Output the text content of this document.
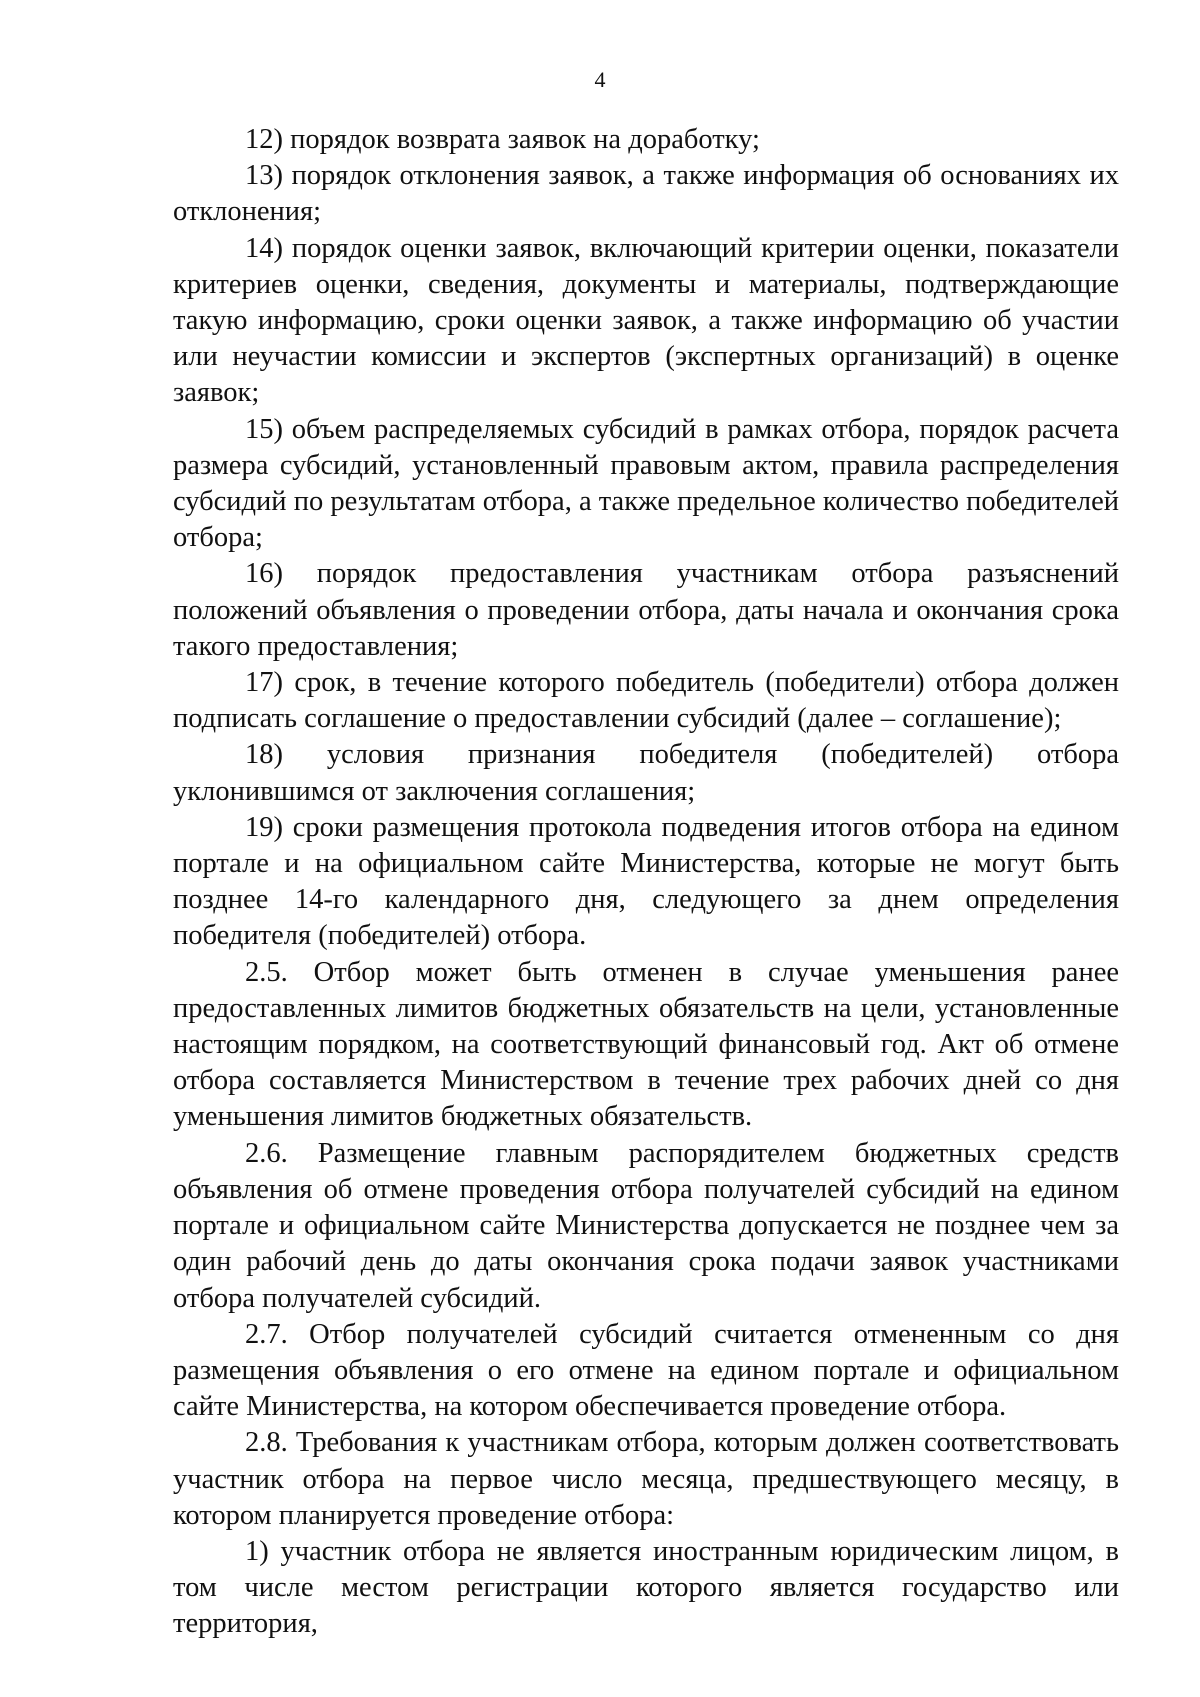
4

12) порядок возврата заявок на доработку;

13) порядок отклонения заявок, а также информация об основаниях их отклонения;

14) порядок оценки заявок, включающий критерии оценки, показатели критериев оценки, сведения, документы и материалы, подтверждающие такую информацию, сроки оценки заявок, а также информацию об участии или неучастии комиссии и экспертов (экспертных организаций) в оценке заявок;

15) объем распределяемых субсидий в рамках отбора, порядок расчета размера субсидий, установленный правовым актом, правила распределения субсидий по результатам отбора, а также предельное количество победителей отбора;

16) порядок предоставления участникам отбора разъяснений положений объявления о проведении отбора, даты начала и окончания срока такого предоставления;

17) срок, в течение которого победитель (победители) отбора должен подписать соглашение о предоставлении субсидий (далее – соглашение);

18) условия признания победителя (победителей) отбора уклонившимся от заключения соглашения;

19) сроки размещения протокола подведения итогов отбора на едином портале и на официальном сайте Министерства, которые не могут быть позднее 14-го календарного дня, следующего за днем определения победителя (победителей) отбора.

2.5. Отбор может быть отменен в случае уменьшения ранее предоставленных лимитов бюджетных обязательств на цели, установленные настоящим порядком, на соответствующий финансовый год. Акт об отмене отбора составляется Министерством в течение трех рабочих дней со дня уменьшения лимитов бюджетных обязательств.

2.6. Размещение главным распорядителем бюджетных средств объявления об отмене проведения отбора получателей субсидий на едином портале и официальном сайте Министерства допускается не позднее чем за один рабочий день до даты окончания срока подачи заявок участниками отбора получателей субсидий.

2.7. Отбор получателей субсидий считается отмененным со дня размещения объявления о его отмене на едином портале и официальном сайте Министерства, на котором обеспечивается проведение отбора.

2.8. Требования к участникам отбора, которым должен соответствовать участник отбора на первое число месяца, предшествующего месяцу, в котором планируется проведение отбора:

1) участник отбора не является иностранным юридическим лицом, в том числе местом регистрации которого является государство или территория,
